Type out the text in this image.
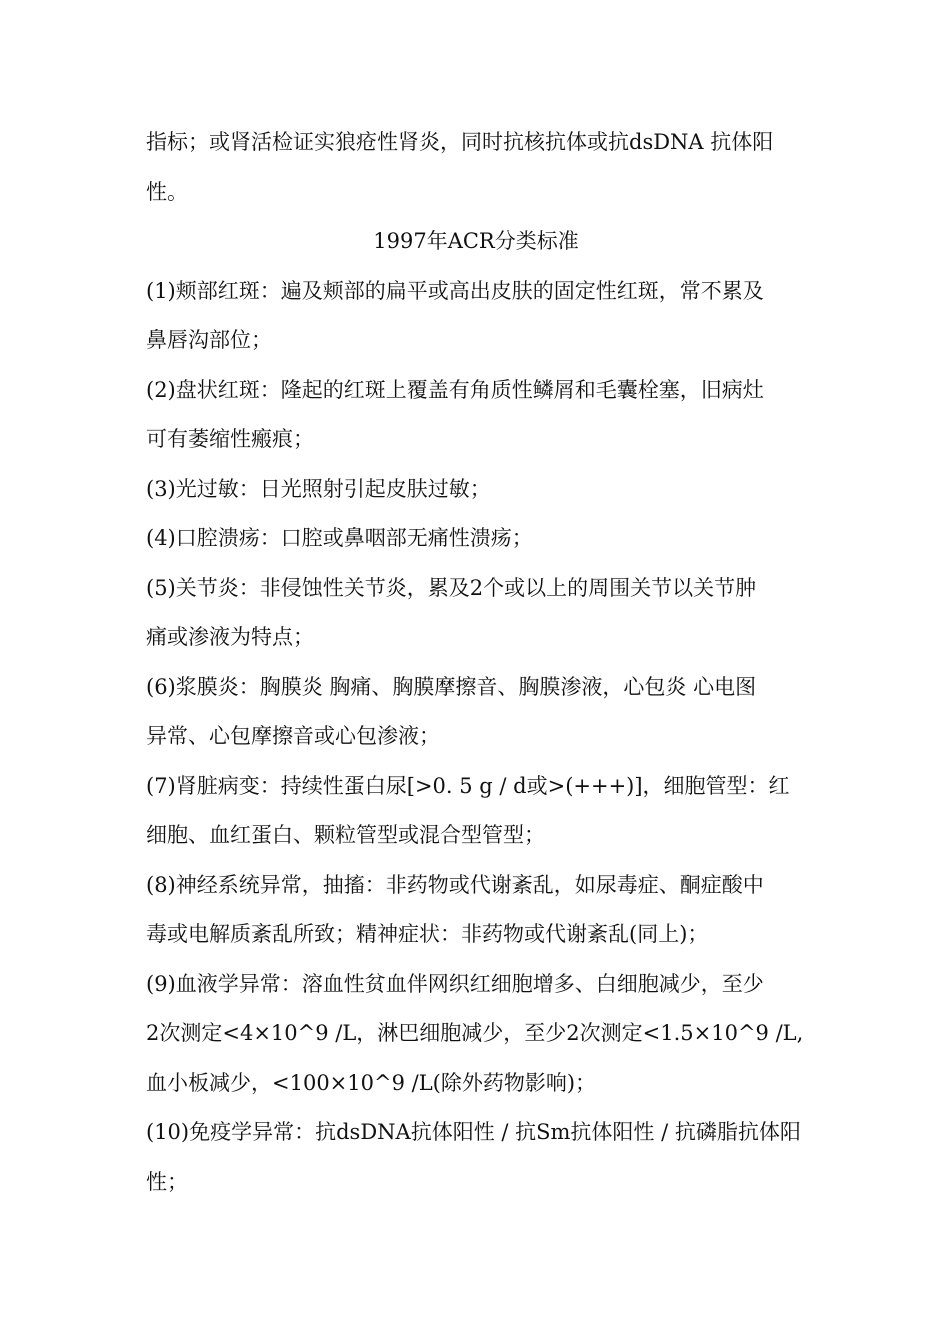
指标；或肾活检证实狼疮性肾炎，同时抗核抗体或抗dsDNA 抗体阳
性。
1997年ACR分类标准
(1)颊部红斑：遍及颊部的扁平或高出皮肤的固定性红斑，常不累及
鼻唇沟部位；
(2)盘状红斑：隆起的红斑上覆盖有角质性鳞屑和毛囊栓塞，旧病灶
可有萎缩性瘢痕；
(3)光过敏：日光照射引起皮肤过敏；
(4)口腔溃疡：口腔或鼻咽部无痛性溃疡；
(5)关节炎：非侵蚀性关节炎，累及2个或以上的周围关节以关节肿
痛或渗液为特点；
(6)浆膜炎：胸膜炎 胸痛、胸膜摩擦音、胸膜渗液，心包炎 心电图
异常、心包摩擦音或心包渗液；
(7)肾脏病变：持续性蛋白尿[>0. 5 g / d或>(+++)]，细胞管型：红
细胞、血红蛋白、颗粒管型或混合型管型；
(8)神经系统异常，抽搐：非药物或代谢紊乱，如尿毒症、酮症酸中
毒或电解质紊乱所致；精神症状：非药物或代谢紊乱(同上)；
(9)血液学异常：溶血性贫血伴网织红细胞增多、白细胞减少，至少
2次测定<4×10^9 /L，淋巴细胞减少，至少2次测定<1.5×10^9 /L,
血小板减少，<100×10^9 /L(除外药物影响)；
(10)免疫学异常：抗dsDNA抗体阳性 / 抗Sm抗体阳性 / 抗磷脂抗体阳
性；
